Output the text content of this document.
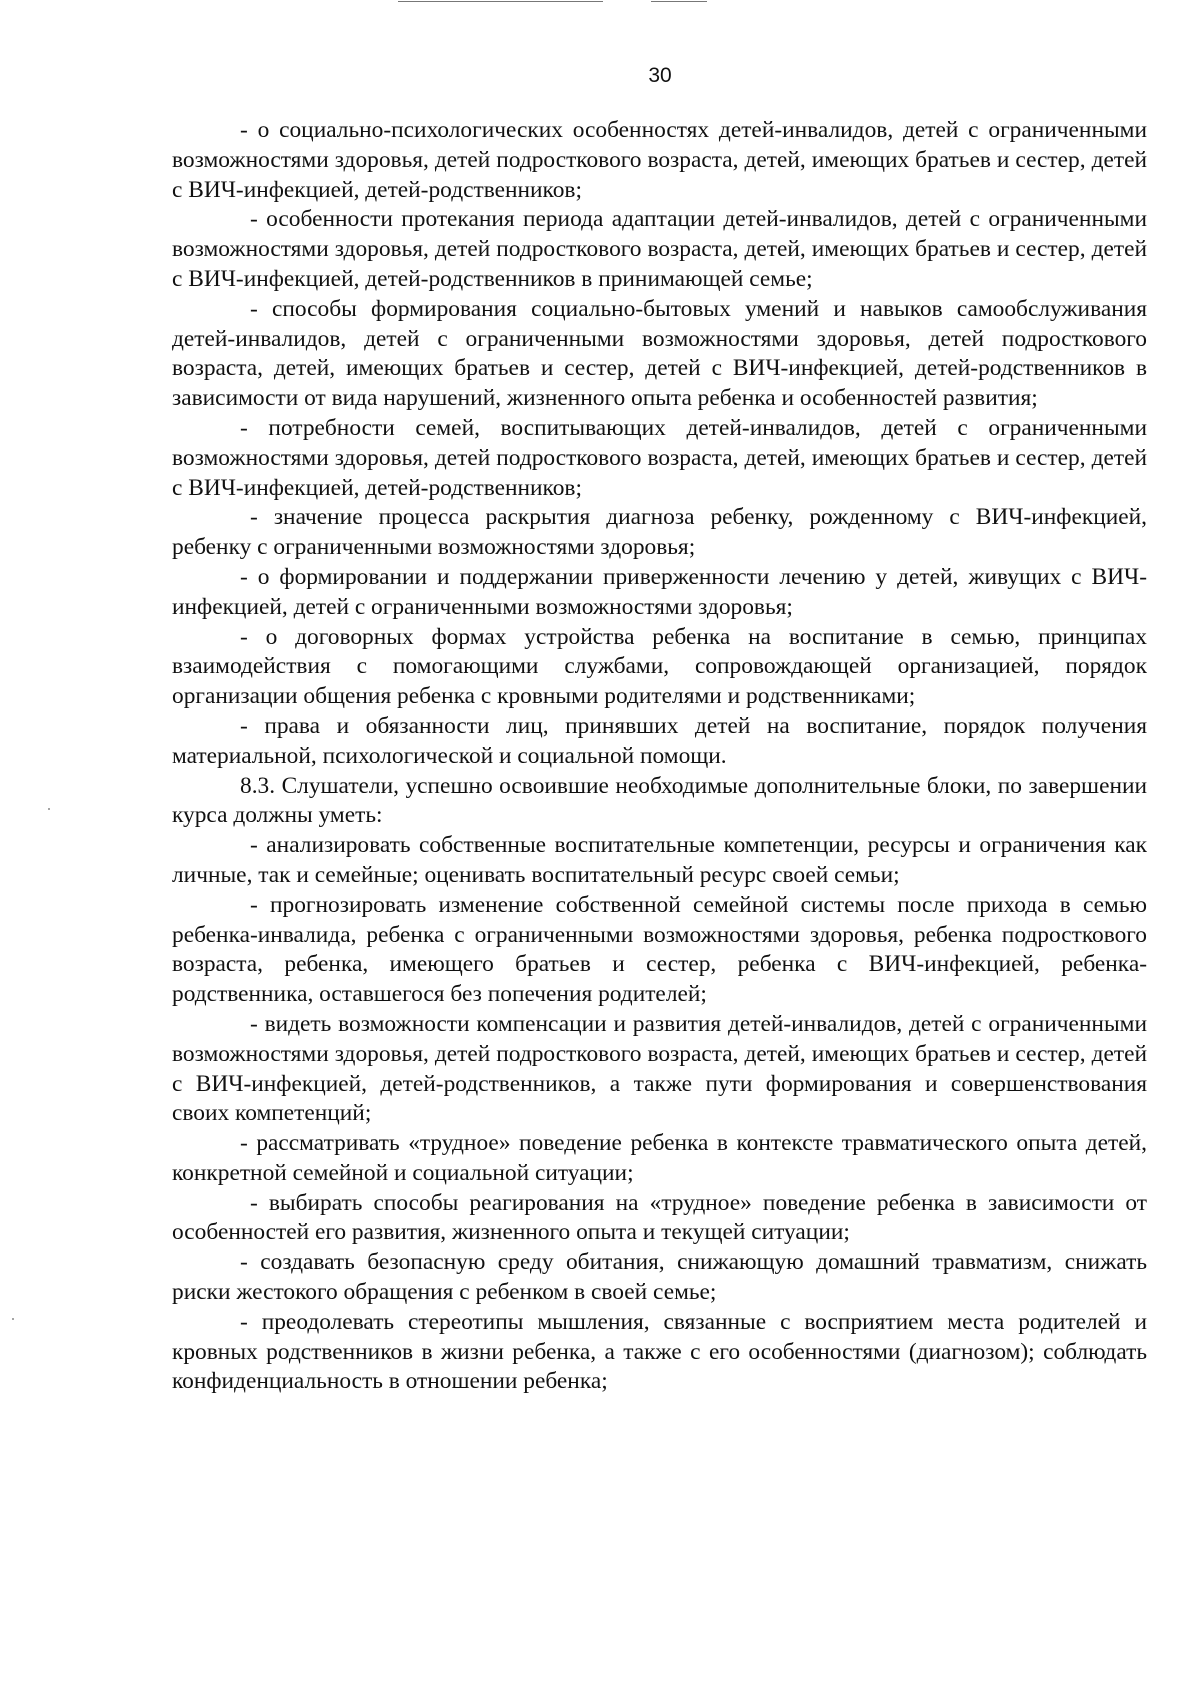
30

- о социально-психологических особенностях детей-инвалидов, детей с ограниченными возможностями здоровья, детей подросткового возраста, детей, имеющих братьев и сестер, детей с ВИЧ-инфекцией, детей-родственников;

- особенности протекания периода адаптации детей-инвалидов, детей с ограниченными возможностями здоровья, детей подросткового возраста, детей, имеющих братьев и сестер, детей с ВИЧ-инфекцией, детей-родственников в принимающей семье;

- способы формирования социально-бытовых умений и навыков самообслуживания детей-инвалидов, детей с ограниченными возможностями здоровья, детей подросткового возраста, детей, имеющих братьев и сестер, детей с ВИЧ-инфекцией, детей-родственников в зависимости от вида нарушений, жизненного опыта ребенка и особенностей развития;

- потребности семей, воспитывающих детей-инвалидов, детей с ограниченными возможностями здоровья, детей подросткового возраста, детей, имеющих братьев и сестер, детей с ВИЧ-инфекцией, детей-родственников;

- значение процесса раскрытия диагноза ребенку, рожденному с ВИЧ-инфекцией, ребенку с ограниченными возможностями здоровья;

- о формировании и поддержании приверженности лечению у детей, живущих с ВИЧ-инфекцией, детей с ограниченными возможностями здоровья;

- о договорных формах устройства ребенка на воспитание в семью, принципах взаимодействия с помогающими службами, сопровождающей организацией, порядок организации общения ребенка с кровными родителями и родственниками;

- права и обязанности лиц, принявших детей на воспитание, порядок получения материальной, психологической и социальной помощи.

8.3. Слушатели, успешно освоившие необходимые дополнительные блоки, по завершении курса должны уметь:

- анализировать собственные воспитательные компетенции, ресурсы и ограничения как личные, так и семейные; оценивать воспитательный ресурс своей семьи;

- прогнозировать изменение собственной семейной системы после прихода в семью ребенка-инвалида, ребенка с ограниченными возможностями здоровья, ребенка подросткового возраста, ребенка, имеющего братьев и сестер, ребенка с ВИЧ-инфекцией, ребенка-родственника, оставшегося без попечения родителей;

- видеть возможности компенсации и развития детей-инвалидов, детей с ограниченными возможностями здоровья, детей подросткового возраста, детей, имеющих братьев и сестер, детей с ВИЧ-инфекцией, детей-родственников, а также пути формирования и совершенствования своих компетенций;

- рассматривать «трудное» поведение ребенка в контексте травматического опыта детей, конкретной семейной и социальной ситуации;

- выбирать способы реагирования на «трудное» поведение ребенка в зависимости от особенностей его развития, жизненного опыта и текущей ситуации;

- создавать безопасную среду обитания, снижающую домашний травматизм, снижать риски жестокого обращения с ребенком в своей семье;

- преодолевать стереотипы мышления, связанные с восприятием места родителей и кровных родственников в жизни ребенка, а также с его особенностями (диагнозом); соблюдать конфиденциальность в отношении ребенка;
